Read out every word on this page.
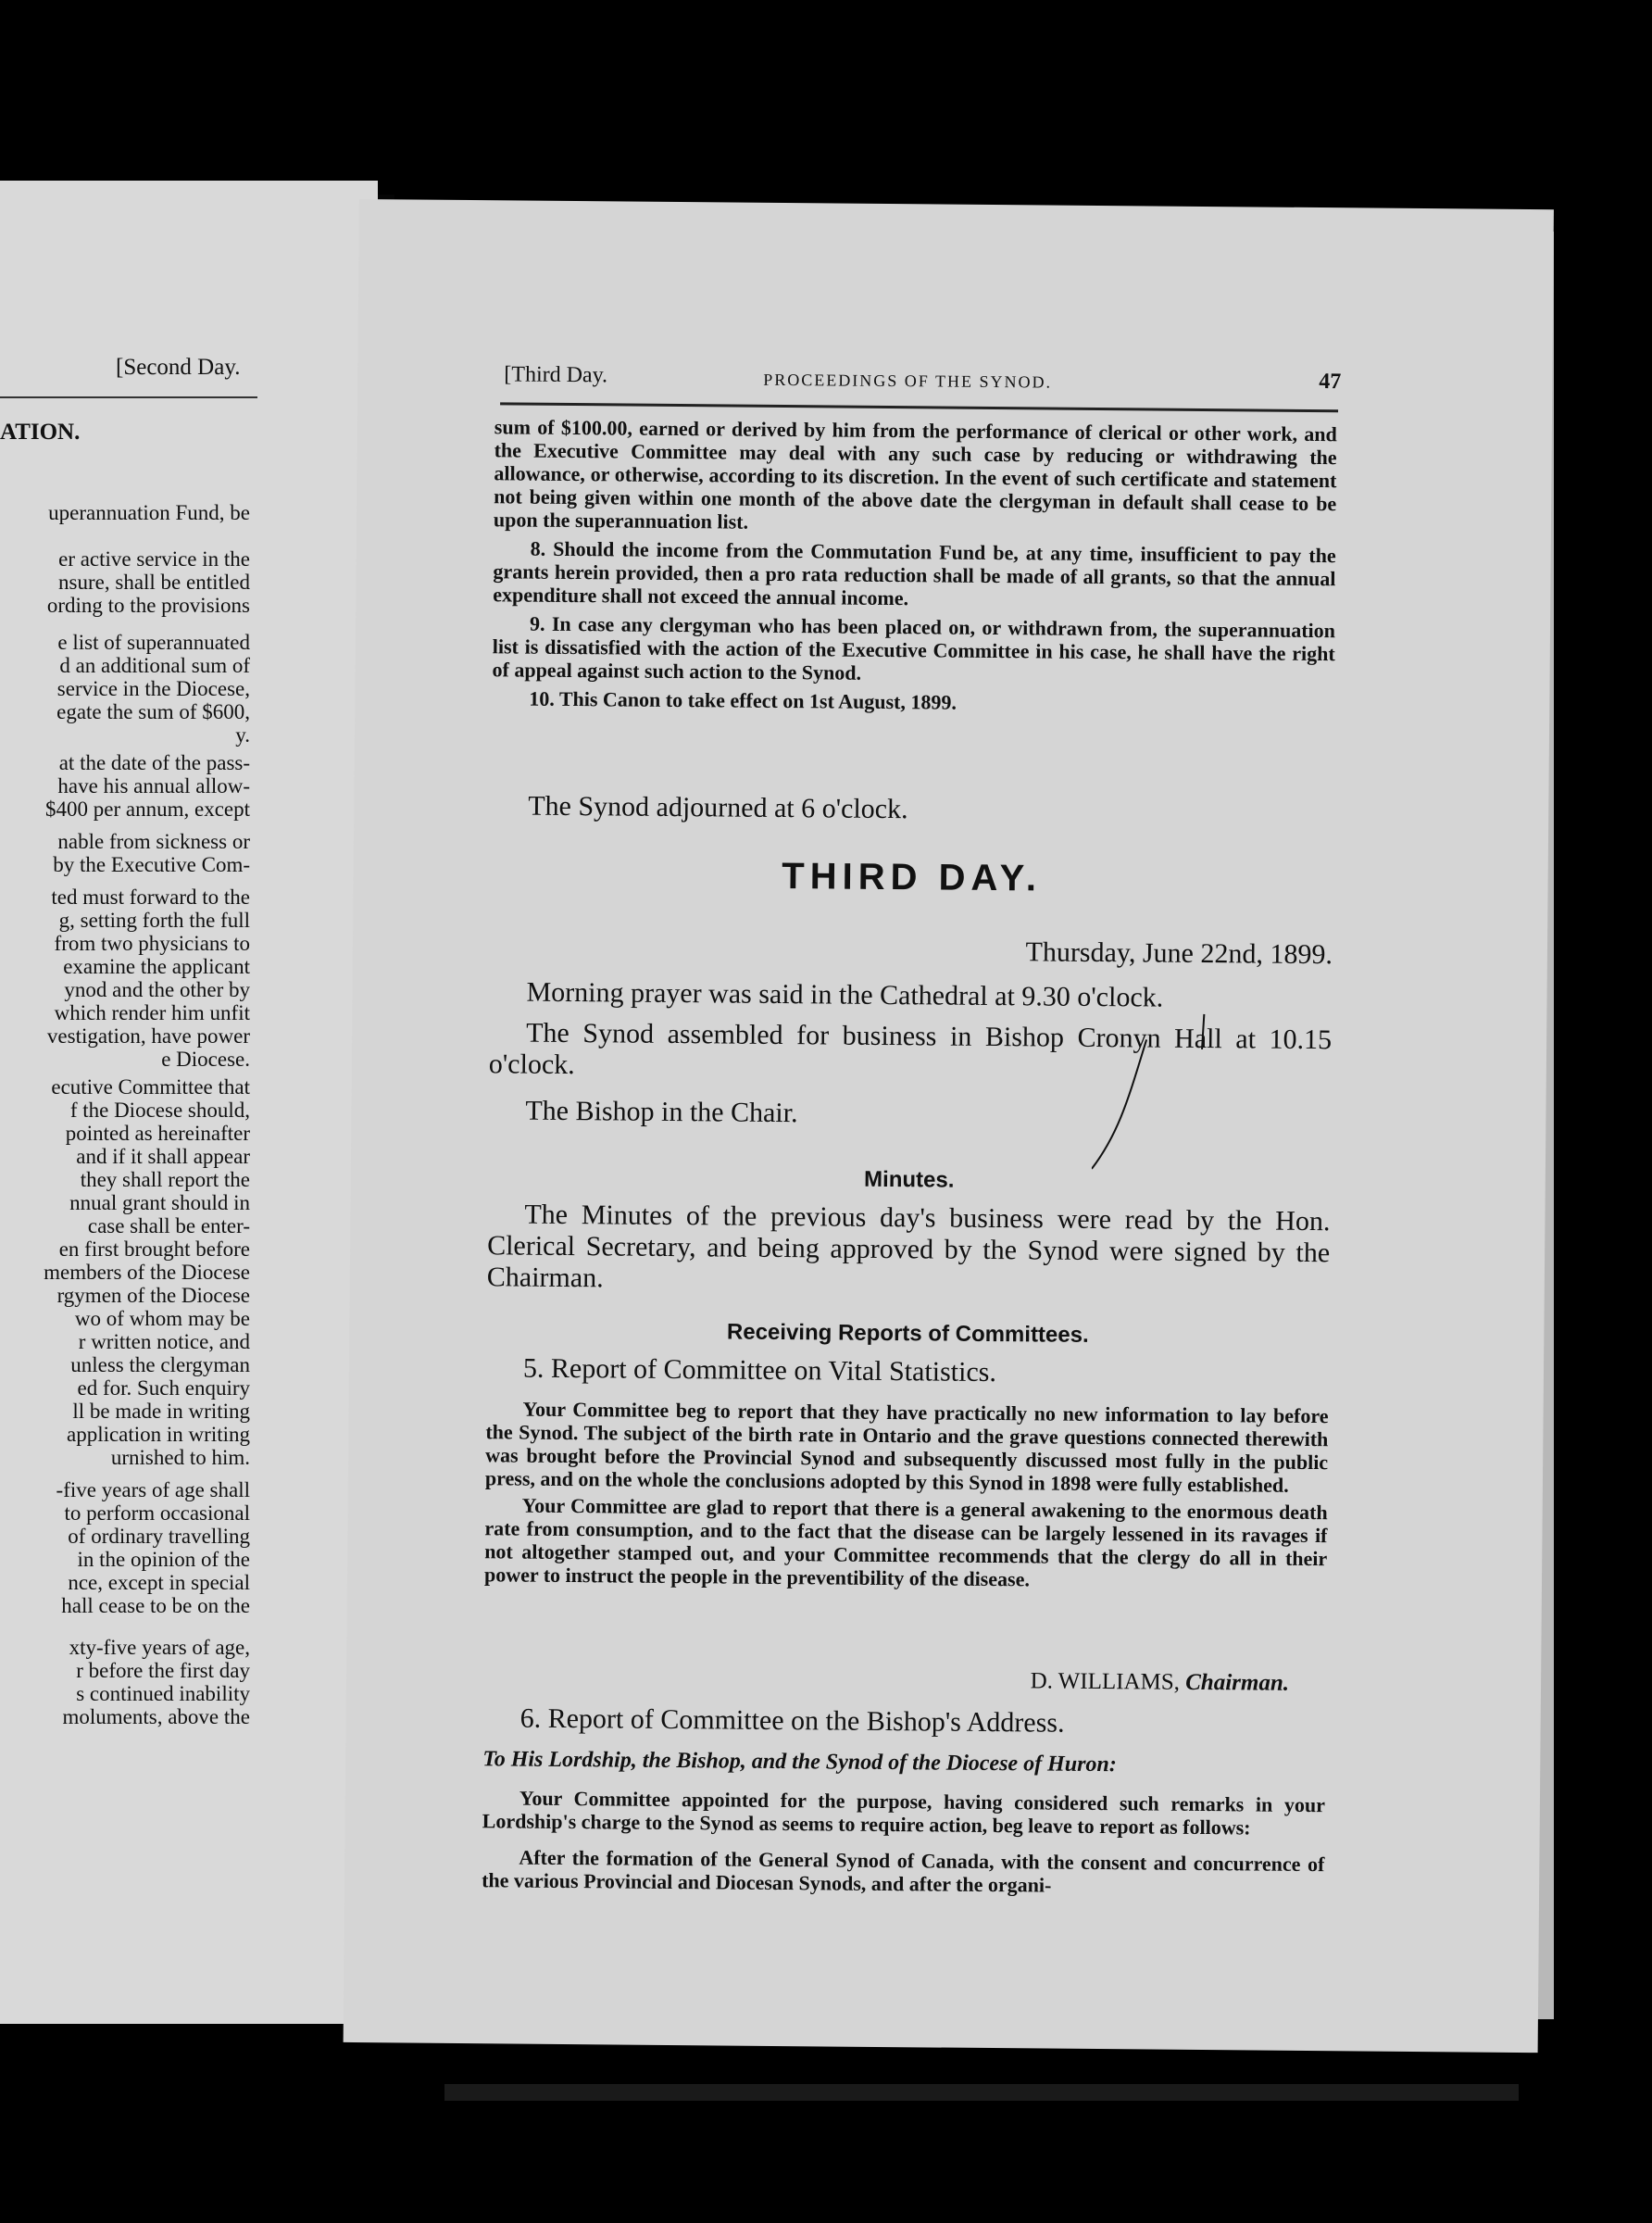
[Second Day.
ATION.
uperannuation Fund, be
er active service in the
nsure, shall be entitled
ording to the provisions
e list of superannuated
d an additional sum of
service in the Diocese,
egate the sum of $600,
y.
at the date of the pass-
have his annual allow-
$400 per annum, except
nable from sickness or
by the Executive Com-
ted must forward to the
g, setting forth the full
from two physicians to
examine the applicant
ynod and the other by
which render him unfit
vestigation, have power
e Diocese.
ecutive Committee that
f the Diocese should,
pointed as hereinafter
and if it shall appear
they shall report the
nnual grant should in
case shall be enter-
en first brought before
members of the Diocese
rgymen of the Diocese
wo of whom may be
r written notice, and
unless the clergyman
ed for. Such enquiry
ll be made in writing
application in writing
urnished to him.
-five years of age shall
to perform occasional
of ordinary travelling
in the opinion of the
nce, except in special
hall cease to be on the
xty-five years of age,
r before the first day
s continued inability
moluments, above the
[Third Day.	PROCEEDINGS OF THE SYNOD.	47

sum of $100.00, earned or derived by him from the performance of clerical or other work, and the Executive Committee may deal with any such case by reducing or withdrawing the allowance, or otherwise, according to its discretion. In the event of such certificate and statement not being given within one month of the above date the clergyman in default shall cease to be upon the superannuation list.

8. Should the income from the Commutation Fund be, at any time, insufficient to pay the grants herein provided, then a pro rata reduction shall be made of all grants, so that the annual expenditure shall not exceed the annual income.

9. In case any clergyman who has been placed on, or withdrawn from, the superannuation list is dissatisfied with the action of the Executive Committee in his case, he shall have the right of appeal against such action to the Synod.

10. This Canon to take effect on 1st August, 1899.

The Synod adjourned at 6 o'clock.

THIRD DAY.
Thursday, June 22nd, 1899.

Morning prayer was said in the Cathedral at 9.30 o'clock.

The Synod assembled for business in Bishop Cronyn Hall at 10.15 o'clock.

The Bishop in the Chair.

Minutes.

The Minutes of the previous day's business were read by the Hon. Clerical Secretary, and being approved by the Synod were signed by the Chairman.

Receiving Reports of Committees.

5. Report of Committee on Vital Statistics.

Your Committee beg to report that they have practically no new information to lay before the Synod. The subject of the birth rate in Ontario and the grave questions connected therewith was brought before the Provincial Synod and subsequently discussed most fully in the public press, and on the whole the conclusions adopted by this Synod in 1898 were fully established.

Your Committee are glad to report that there is a general awakening to the enormous death rate from consumption, and to the fact that the disease can be largely lessened in its ravages if not altogether stamped out, and your Committee recommends that the clergy do all in their power to instruct the people in the preventibility of the disease.

D. WILLIAMS, Chairman.

6. Report of Committee on the Bishop's Address.

To His Lordship, the Bishop, and the Synod of the Diocese of Huron:

Your Committee appointed for the purpose, having considered such remarks in your Lordship's charge to the Synod as seems to require action, beg leave to report as follows:

After the formation of the General Synod of Canada, with the consent and concurrence of the various Provincial and Diocesan Synods, and after the organi-
